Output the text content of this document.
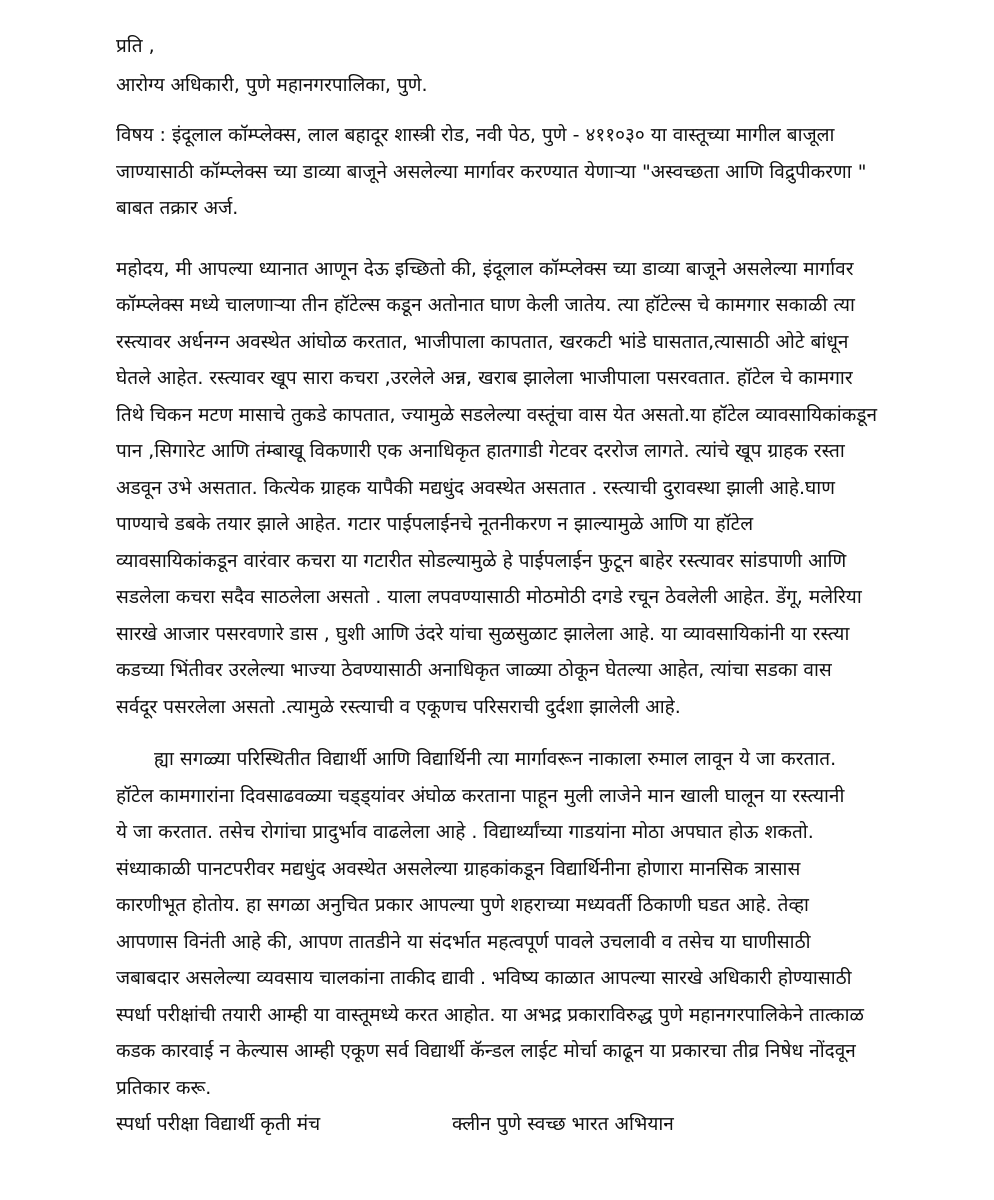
प्रति ,
आरोग्य अधिकारी, पुणे महानगरपालिका, पुणे.
विषय : इंदूलाल कॉम्प्लेक्स, लाल बहादूर शास्त्री रोड, नवी पेठ, पुणे - ४११०३० या वास्तूच्या मागील बाजूला
जाण्यासाठी कॉम्प्लेक्स च्या डाव्या बाजूने असलेल्या मार्गावर करण्यात येणाऱ्या "अस्वच्छता आणि विद्रुपीकरणा "
बाबत तक्रार अर्ज.
महोदय, मी आपल्या ध्यानात आणून देऊ इच्छितो की, इंदूलाल कॉम्प्लेक्स च्या डाव्या बाजूने असलेल्या मार्गावर
कॉम्प्लेक्स मध्ये चालणाऱ्या तीन हॉटेल्स कडून अतोनात घाण केली जातेय. त्या हॉटेल्स चे कामगार सकाळी त्या
रस्त्यावर अर्धनग्न अवस्थेत आंघोळ करतात, भाजीपाला कापतात, खरकटी भांडे घासतात,त्यासाठी ओटे बांधून
घेतले आहेत. रस्त्यावर खूप सारा कचरा ,उरलेले अन्न, खराब झालेला भाजीपाला पसरवतात. हॉटेल चे कामगार
तिथे चिकन मटण मासाचे तुकडे कापतात, ज्यामुळे सडलेल्या वस्तूंचा वास येत असतो.या हॉटेल व्यावसायिकांकडून
पान ,सिगारेट आणि तंम्बाखू विकणारी एक अनाधिकृत हातगाडी गेटवर दररोज लागते. त्यांचे खूप ग्राहक रस्ता
अडवून उभे असतात. कित्येक ग्राहक यापैकी मद्यधुंद अवस्थेत असतात . रस्त्याची दुरावस्था झाली आहे.घाण
पाण्याचे डबके तयार झाले आहेत. गटार पाईपलाईनचे नूतनीकरण न झाल्यामुळे आणि या हॉटेल
व्यावसायिकांकडून वारंवार कचरा या गटारीत सोडल्यामुळे हे पाईपलाईन फुटून बाहेर रस्त्यावर सांडपाणी आणि
सडलेला कचरा सदैव साठलेला असतो . याला लपवण्यासाठी मोठमोठी दगडे रचून ठेवलेली आहेत. डेंगू, मलेरिया
सारखे आजार पसरवणारे डास , घुशी आणि उंदरे यांचा सुळसुळाट झालेला आहे. या व्यावसायिकांनी या रस्त्या
कडच्या भिंतीवर उरलेल्या भाज्या ठेवण्यासाठी अनाधिकृत जाळ्या ठोकून घेतल्या आहेत, त्यांचा सडका वास
सर्वदूर पसरलेला असतो .त्यामुळे रस्त्याची व एकूणच परिसराची दुर्दशा झालेली आहे.
ह्या सगळ्या परिस्थितीत विद्यार्थी आणि विद्यार्थिनी त्या मार्गावरून नाकाला रुमाल लावून ये जा करतात.
हॉटेल कामगारांना दिवसाढवळ्या चड्ड्यांवर अंघोळ करताना पाहून मुली लाजेने मान खाली घालून या रस्त्यानी
ये जा करतात. तसेच रोगांचा प्रादुर्भाव वाढलेला आहे . विद्यार्थ्यांच्या गाडयांना मोठा अपघात होऊ शकतो.
संध्याकाळी पानटपरीवर मद्यधुंद अवस्थेत असलेल्या ग्राहकांकडून विद्यार्थिनीना होणारा मानसिक त्रासास
कारणीभूत होतोय. हा सगळा अनुचित प्रकार आपल्या पुणे शहराच्या मध्यवर्ती ठिकाणी घडत आहे. तेव्हा
आपणास विनंती आहे की, आपण तातडीने या संदर्भात महत्वपूर्ण पावले उचलावी व तसेच या घाणीसाठी
जबाबदार असलेल्या व्यवसाय चालकांना ताकीद द्यावी . भविष्य काळात आपल्या सारखे अधिकारी होण्यासाठी
स्पर्धा परीक्षांची तयारी आम्ही या वास्तूमध्ये करत आहोत. या अभद्र प्रकाराविरुद्ध पुणे महानगरपालिकेने तात्काळ
कडक कारवाई न केल्यास आम्ही एकूण सर्व विद्यार्थी कॅन्डल लाईट मोर्चा काढून या प्रकारचा तीव्र निषेध नोंदवून
प्रतिकार करू.
स्पर्धा परीक्षा विद्यार्थी कृती मंच	क्लीन पुणे स्वच्छ भारत अभियान
